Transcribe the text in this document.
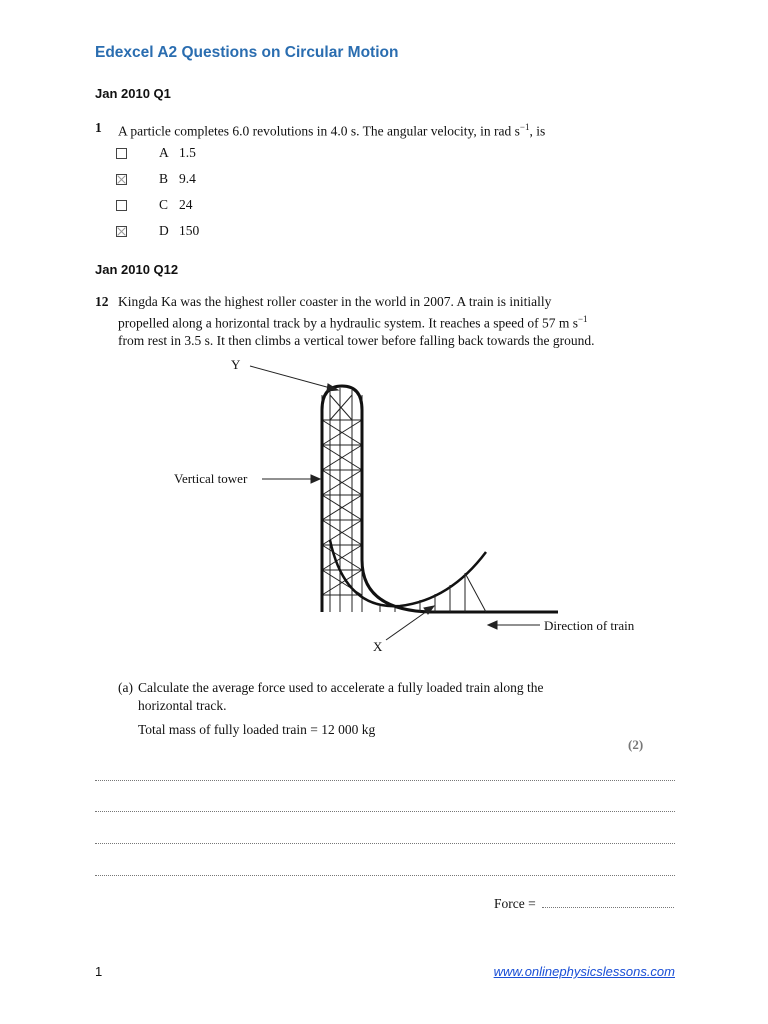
Edexcel A2 Questions on Circular Motion
Jan 2010 Q1
1 A particle completes 6.0 revolutions in 4.0 s. The angular velocity, in rad $s^{-1}$, is
A 1.5
B 9.4
C 24
D 150
Jan 2010 Q12
12 Kingda Ka was the highest roller coaster in the world in 2007. A train is initially
propelled along a horizontal track by a hydraulic system. It reaches a speed of 57 m $s^{-1}$
from rest in 3.5 s. It then climbs a vertical tower before falling back towards the ground.
Y
Vertical tower
X
Direction of train
(a) Calculate the average force used to accelerate a fully loaded train along the
horizontal track.
Total mass of fully loaded train = 12 000 kg
(2)
Force =
1	www.onlinephysicslessons.com
